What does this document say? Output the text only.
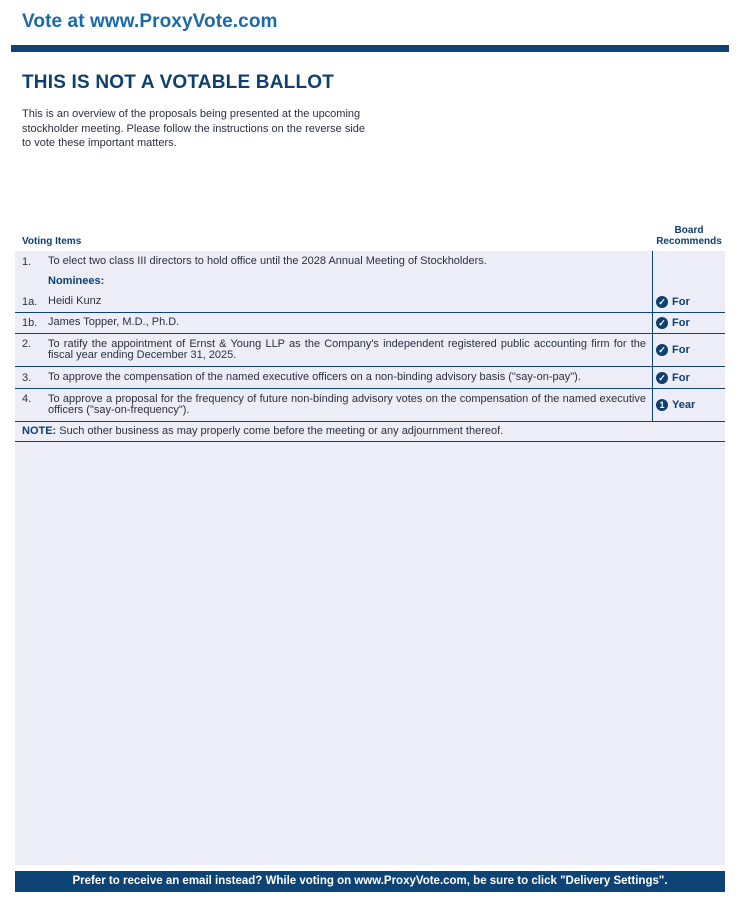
Vote at www.ProxyVote.com
THIS IS NOT A VOTABLE BALLOT
This is an overview of the proposals being presented at the upcoming stockholder meeting. Please follow the instructions on the reverse side to vote these important matters.
Voting Items
Board
Recommends
1.	To elect two class III directors to hold office until the 2028 Annual Meeting of Stockholders.
Nominees:
1a. Heidi Kunz	✓ For
1b. James Topper, M.D., Ph.D.	✓ For
2.	To ratify the appointment of Ernst & Young LLP as the Company's independent registered public accounting firm for the fiscal year ending December 31, 2025.	✓ For
3.	To approve the compensation of the named executive officers on a non-binding advisory basis ("say-on-pay").	✓ For
4.	To approve a proposal for the frequency of future non-binding advisory votes on the compensation of the named executive officers ("say-on-frequency").	1 Year
NOTE: Such other business as may properly come before the meeting or any adjournment thereof.
Prefer to receive an email instead? While voting on www.ProxyVote.com, be sure to click "Delivery Settings".
